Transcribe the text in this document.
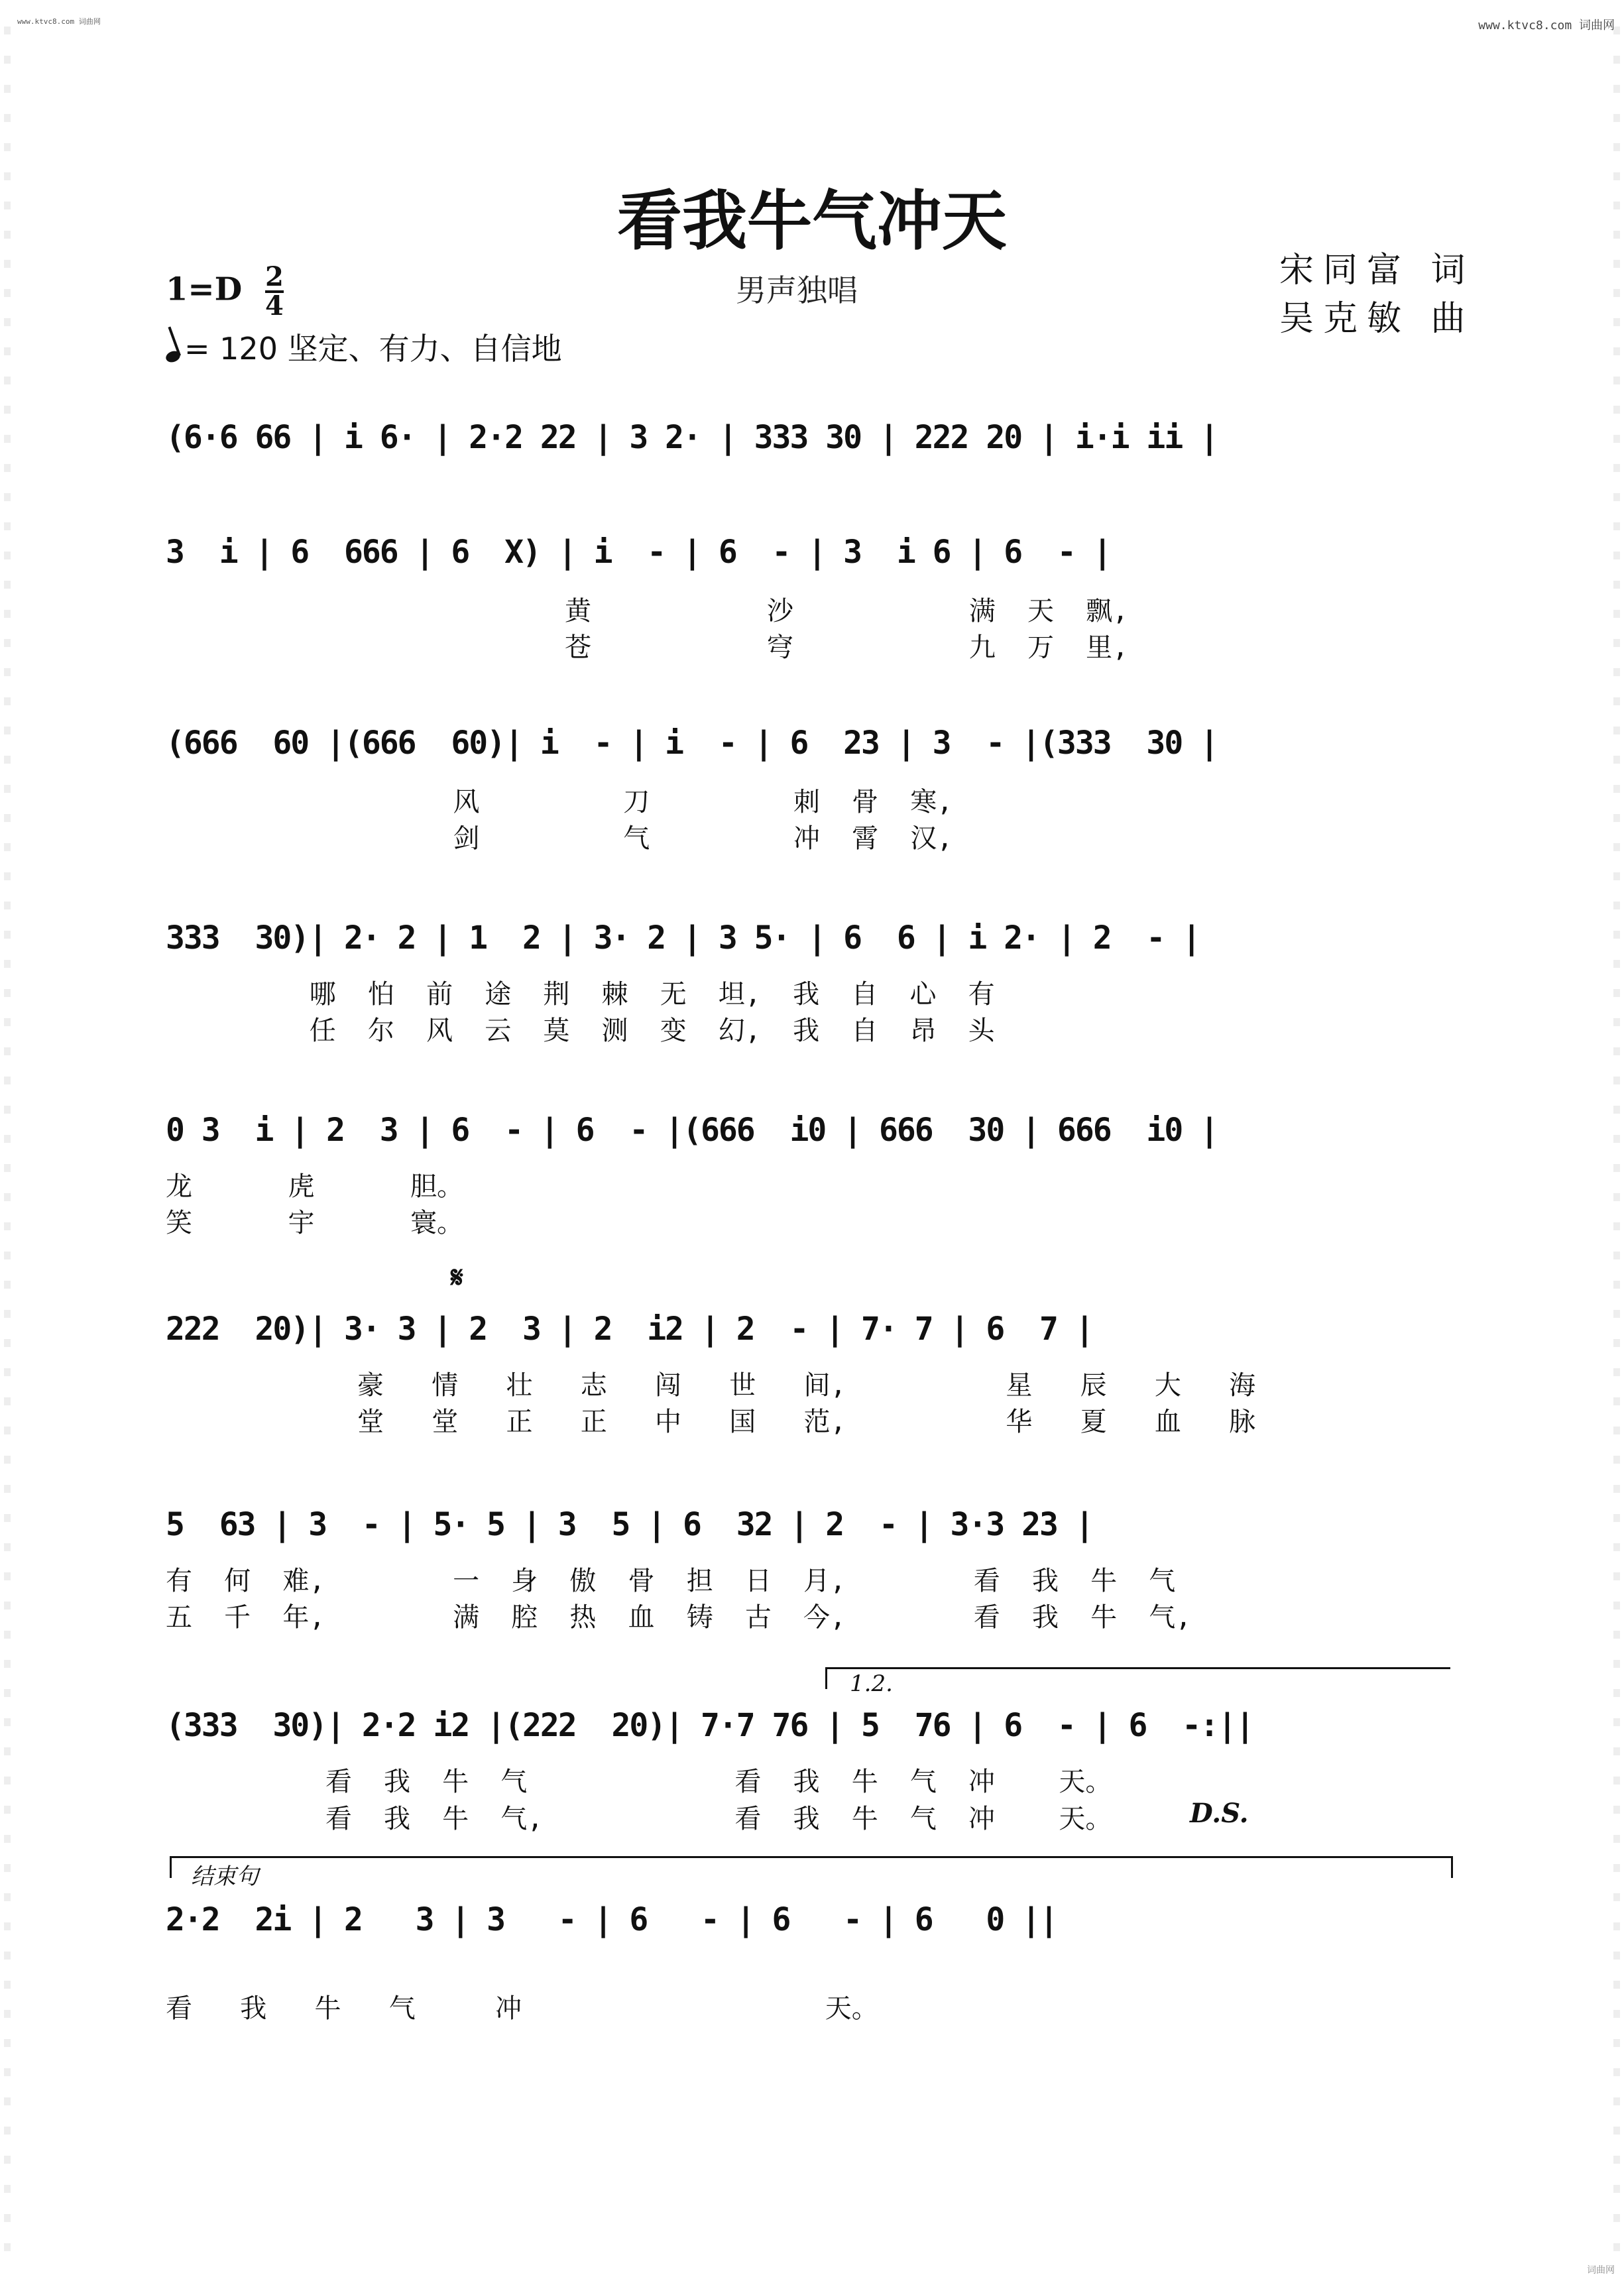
www.ktvc8.com 词曲网	www.ktvc8.com 词曲网
看我牛气冲天
$1=D \frac{2}{4}$	男声独唱	宋同富 词
吴克敏 曲
= 120 坚定、有力、自信地
(6·6 66 | i 6· | 2·2 22 | 3 2· | 333 30 | 222 20 | i·i ii |
3  i | 6  666 | 6  X) | i  - | 6  - | 3  i 6 | 6  - |
黄           沙           满  天  飘,
苍           穹           九  万  里,
(666  60 |(666  60)| i  - | i  - | 6  23 | 3  - |(333  30 |
风         刀         刺  骨  寒,
剑         气         冲  霄  汉,
333  30)| 2· 2 | 1  2 | 3· 2 | 3 5· | 6  6 | i 2· | 2  - |
哪  怕  前  途  荆  棘  无  坦,  我  自  心  有
任  尔  风  云  莫  测  变  幻,  我  自  昂  头
0 3  i | 2  3 | 6  - | 6  - |(666  i0 | 666  30 | 666  i0 |
龙      虎      胆。
笑      宇      寰。
𝄋
222  20)| 3· 3 | 2  3 | 2  i2 | 2  - | 7· 7 | 6  7 |
豪   情   壮   志   闯   世   间,          星   辰   大   海
堂   堂   正   正   中   国   范,          华   夏   血   脉
5  63 | 3  - | 5· 5 | 3  5 | 6  32 | 2  - | 3·3 23 |
有  何  难,        一  身  傲  骨  担  日  月,        看  我  牛  气
五  千  年,        满  腔  热  血  铸  古  今,        看  我  牛  气,
1.2.
(333  30)| 2·2 i2 |(222  20)| 7·7 76 | 5  76 | 6  - | 6  -:||
看  我  牛  气             看  我  牛  气  冲    天。
看  我  牛  气,            看  我  牛  气  冲    天。	D.S.
结束句
2·2  2i | 2   3 | 3   - | 6   - | 6   - | 6   0 ||
看   我   牛   气     冲                   天。
词曲网
